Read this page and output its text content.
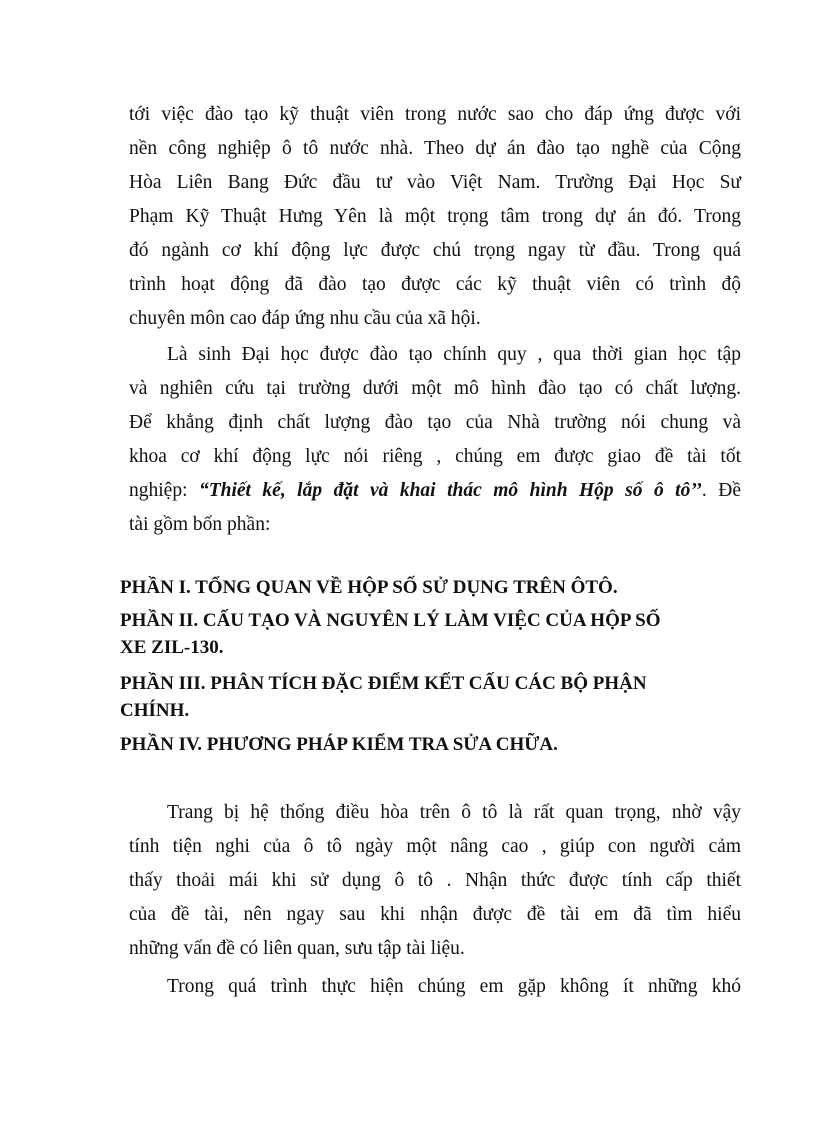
tới việc đào tạo kỹ thuật viên trong nước sao cho đáp ứng được với
nền công nghiệp ô tô nước nhà. Theo dự án đào tạo nghề của Cộng
Hòa Liên Bang Đức đầu tư vào Việt Nam. Trường Đại Học Sư
Phạm Kỹ Thuật Hưng Yên là một trọng tâm trong dự án đó. Trong
đó ngành cơ khí động lực được chú trọng ngay từ đầu. Trong quá
trình hoạt động đã đào tạo được các kỹ thuật viên có trình độ
chuyên môn cao đáp ứng nhu cầu của xã hội.
Là sinh Đại học được đào tạo chính quy , qua thời gian học tập
và nghiên cứu tại trường dưới một mô hình đào tạo có chất lượng.
Để khẳng định chất lượng đào tạo của Nhà trường nói chung và
khoa cơ khí động lực nói riêng , chúng em được giao đề tài tốt
nghiệp: “Thiết kế, lắp đặt và khai thác mô hình Hộp số ô tô’’. Đề
tài gồm bốn phần:
PHẦN I. TỔNG QUAN VỀ HỘP SỐ SỬ DỤNG TRÊN ÔTÔ.
PHẦN II. CẤU TẠO VÀ NGUYÊN LÝ LÀM VIỆC CỦA HỘP SỐ
XE ZIL-130.
PHẦN III. PHÂN TÍCH ĐẶC ĐIỂM KẾT CẤU CÁC BỘ PHẬN
CHÍNH.
PHẦN IV. PHƯƠNG PHÁP KIỂM TRA SỬA CHỮA.
Trang bị hệ thống điều hòa trên ô tô là rất quan trọng, nhờ vậy
tính tiện nghi của ô tô ngày một nâng cao , giúp con người cảm
thấy thoải mái khi sử dụng ô tô . Nhận thức được tính cấp thiết
của đề tài, nên ngay sau khi nhận được đề tài em đã tìm hiểu
những vấn đề có liên quan, sưu tập tài liệu.
Trong quá trình thực hiện chúng em gặp không ít những khó
